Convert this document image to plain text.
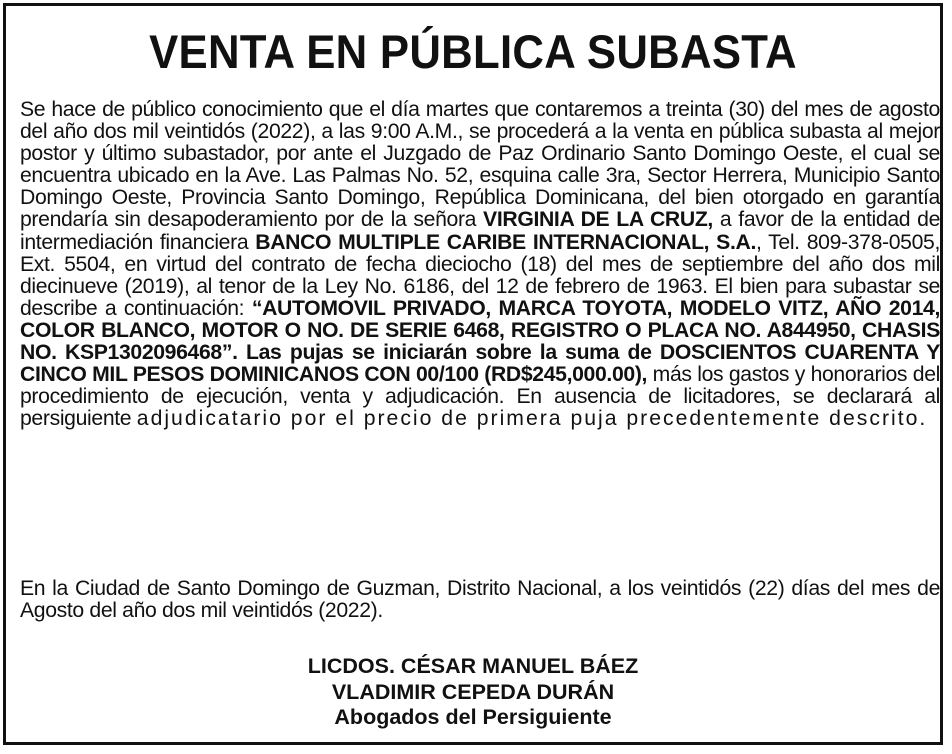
VENTA EN PÚBLICA SUBASTA

Se hace de público conocimiento que el día martes que contaremos a treinta (30) del mes de agosto del año dos mil veintidós (2022), a las 9:00 A.M., se procederá a la venta en pública subasta al mejor postor y último subastador, por ante el Juzgado de Paz Ordinario Santo Domingo Oeste, el cual se encuentra ubicado en la Ave. Las Palmas No. 52, esquina calle 3ra, Sector Herrera, Municipio Santo Domingo Oeste, Provincia Santo Domingo, República Dominicana, del bien otorgado en garantía prendaría sin desapoderamiento por de la señora VIRGINIA DE LA CRUZ, a favor de la entidad de intermediación financiera BANCO MULTIPLE CARIBE INTERNACIONAL, S.A., Tel. 809-378-0505, Ext. 5504, en virtud del contrato de fecha dieciocho (18) del mes de septiembre del año dos mil diecinueve (2019), al tenor de la Ley No. 6186, del 12 de febrero de 1963. El bien para subastar se describe a continuación: “AUTOMOVIL PRIVADO, MARCA TOYOTA, MODELO VITZ, AÑO 2014, COLOR BLANCO, MOTOR O NO. DE SERIE 6468, REGISTRO O PLACA NO. A844950, CHASIS NO. KSP1302096468”. Las pujas se iniciarán sobre la suma de DOSCIENTOS CUARENTA Y CINCO MIL PESOS DOMINICANOS CON 00/100 (RD$245,000.00), más los gastos y honorarios del procedimiento de ejecución, venta y adjudicación. En ausencia de licitadores, se declarará al persiguiente adjudicatario por el precio de primera puja precedentemente descrito.

En la Ciudad de Santo Domingo de Guzman, Distrito Nacional, a los veintidós (22) días del mes de Agosto del año dos mil veintidós (2022).

LICDOS. CÉSAR MANUEL BÁEZ
VLADIMIR CEPEDA DURÁN
Abogados del Persiguiente
